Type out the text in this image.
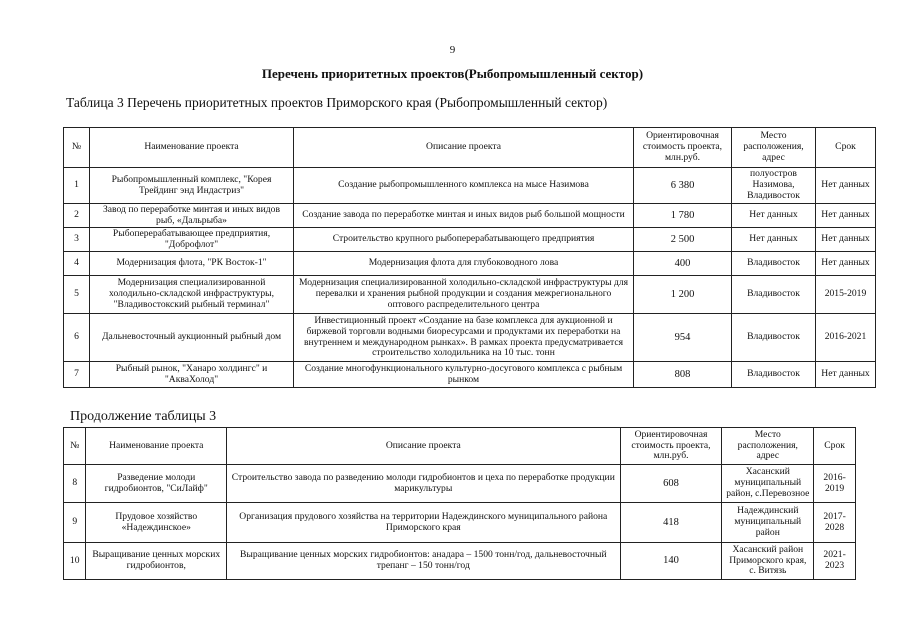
9
Перечень приоритетных проектов(Рыбопромышленный сектор)
Таблица 3 Перечень приоритетных проектов Приморского края (Рыбопромышленный сектор)
№	Наименование проекта	Описание проекта	Ориентировочная стоимость проекта, млн.руб.	Место расположения, адрес	Срок
1	Рыбопромышленный комплекс, "Корея Трейдинг энд Индастриз"	Создание рыбопромышленного комплекса на мысе Назимова	6 380	полуостров Назимова, Владивосток	Нет данных
2	Завод по переработке минтая и иных видов рыб, «Дальрыба»	Создание завода по переработке минтая и иных видов рыб большой мощности	1 780	Нет данных	Нет данных
3	Рыбоперерабатывающее предприятия, "Доброфлот"	Строительство крупного рыбоперерабатывающего предприятия	2 500	Нет данных	Нет данных
4	Модернизация флота, "РК Восток-1"	Модернизация флота для глубоководного лова	400	Владивосток	Нет данных
5	Модернизация специализированной холодильно-складской инфраструктуры, "Владивостокский рыбный терминал"	Модернизация специализированной холодильно-складской инфраструктуры для перевалки и хранения рыбной продукции и создания межрегионального оптового распределительного центра	1 200	Владивосток	2015-2019
6	Дальневосточный аукционный рыбный дом	Инвестиционный проект «Создание на базе комплекса для аукционной и биржевой торговли водными биоресурсами и продуктами их переработки на внутреннем и международном рынках». В рамках проекта предусматривается строительство холодильника на 10 тыс. тонн	954	Владивосток	2016-2021
7	Рыбный рынок, "Ханаро холдингс" и "АкваХолод"	Создание многофункционального культурно-досугового комплекса с рыбным рынком	808	Владивосток	Нет данных
Продолжение таблицы 3
№	Наименование проекта	Описание проекта	Ориентировочная стоимость проекта, млн.руб.	Место расположения, адрес	Срок
8	Разведение молоди гидробионтов, "СиЛайф"	Строительство завода по разведению молоди гидробионтов и цеха по переработке продукции марикультуры	608	Хасанский муниципальный район, с.Перевозное	2016-2019
9	Прудовое хозяйство «Надеждинское»	Организация прудового хозяйства на территории Надеждинского муниципального района Приморского края	418	Надеждинский муниципальный район	2017-2028
10	Выращивание ценных морских гидробионтов,	Выращивание ценных морских гидробионтов: анадара – 1500 тонн/год, дальневосточный трепанг – 150 тонн/год	140	Хасанский район Приморского края, с. Витязь	2021-2023
